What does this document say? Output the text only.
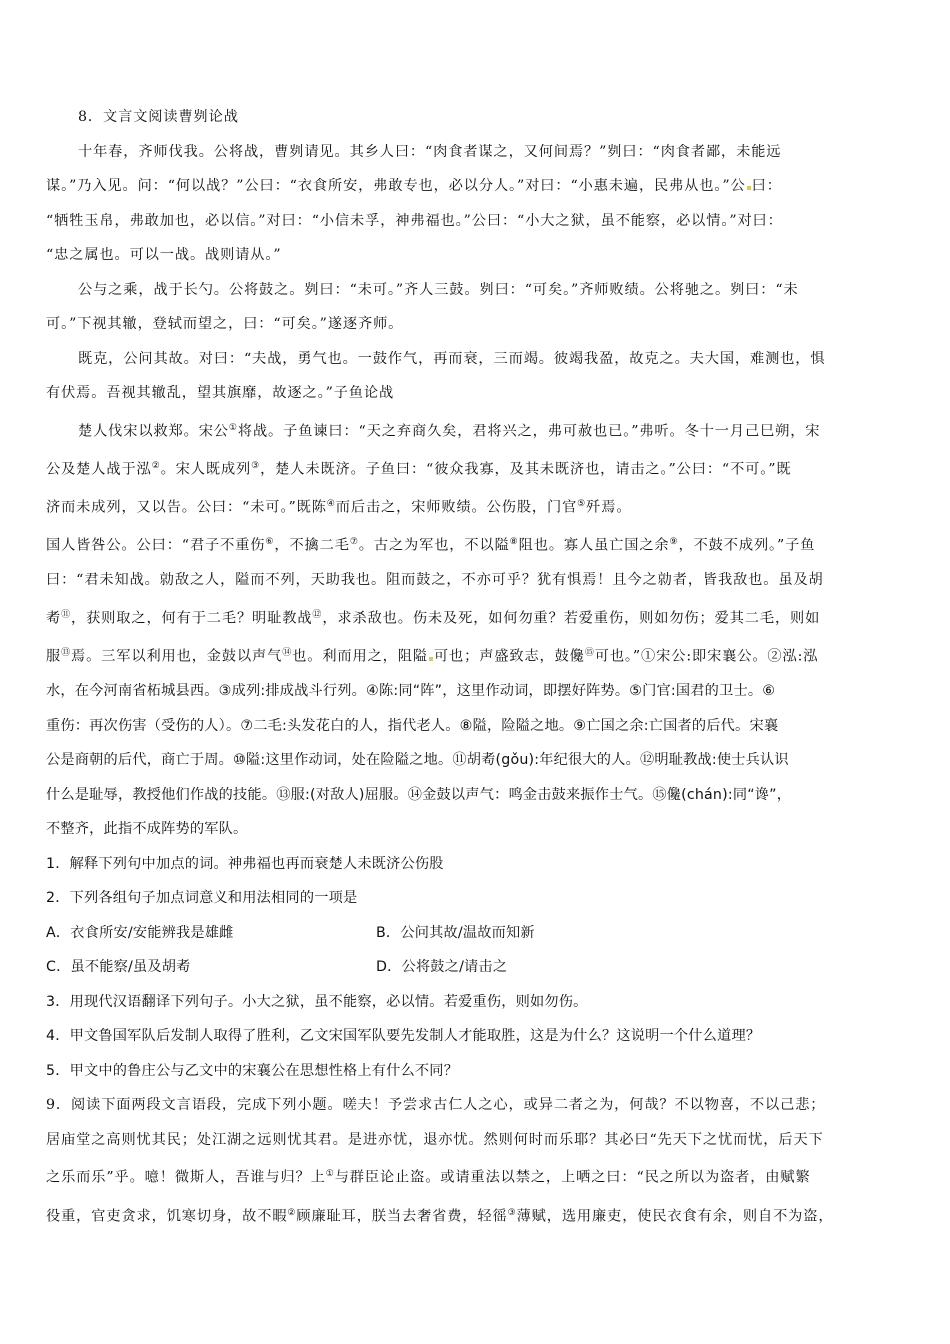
8．文言文阅读曹刿论战
十年春，齐师伐我。公将战，曹刿请见。其乡人曰：“肉食者谋之，又何间焉？”刿曰：“肉食者鄙，未能远
谋。”乃入见。问：“何以战？”公曰：“衣食所安，弗敢专也，必以分人。”对曰：“小惠未遍，民弗从也。”公 曰：
“牺牲玉帛，弗敢加也，必以信。”对曰：“小信未孚，神弗福也。”公曰：“小大之狱，虽不能察，必以情。”对曰：
“忠之属也。可以一战。战则请从。”
公与之乘，战于长勺。公将鼓之。刿曰：“未可。”齐人三鼓。刿曰：“可矣。”齐师败绩。公将驰之。刿曰：“未
可。”下视其辙，登轼而望之，曰：“可矣。”遂逐齐师。
既克，公问其故。对曰：“夫战，勇气也。一鼓作气，再而衰，三而竭。彼竭我盈，故克之。夫大国，难测也，惧
有伏焉。吾视其辙乱，望其旗靡，故逐之。”子鱼论战
楚人伐宋以救郑。宋公①将战。子鱼谏曰：“天之弃商久矣，君将兴之，弗可赦也已。”弗听。冬十一月己巳朔，宋
公及楚人战于泓②。宋人既成列③，楚人未既济。子鱼曰：“彼众我寡，及其未既济也，请击之。”公曰：“不可。”既
济而未成列，又以告。公曰：“未可。”既陈④而后击之，宋师败绩。公伤股，门官⑤歼焉。
国人皆咎公。公曰：“君子不重伤⑥，不擒二毛⑦。古之为军也，不以隘⑧阻也。寡人虽亡国之余⑨，不鼓不成列。”子鱼
曰：“君未知战。勍敌之人，隘而不列，天助我也。阻而鼓之，不亦可乎？犹有惧焉！且今之勍者，皆我敌也。虽及胡
耇⑪，获则取之，何有于二毛？明耻教战⑫，求杀敌也。伤未及死，如何勿重？若爱重伤，则如勿伤；爱其二毛，则如
服⑬焉。三军以利用也，金鼓以声气⑭也。利而用之，阻隘 可也；声盛致志，鼓儳⑮可也。”①宋公:即宋襄公。②泓:泓
水，在今河南省柘城县西。③成列:排成战斗行列。④陈:同“阵”，这里作动词，即摆好阵势。⑤门官:国君的卫士。⑥
重伤：再次伤害（受伤的人）。⑦二毛:头发花白的人，指代老人。⑧隘，险隘之地。⑨亡国之余:亡国者的后代。宋襄
公是商朝的后代，商亡于周。⑩隘:这里作动词，处在险隘之地。⑪胡耇(gǒu):年纪很大的人。⑫明耻教战:使士兵认识
什么是耻辱，教授他们作战的技能。⑬服:(对敌人)屈服。⑭金鼓以声气：鸣金击鼓来振作士气。⑮儳(chán):同“谗”，
不整齐，此指不成阵势的军队。
1．解释下列句中加点的词。神弗福也再而衰楚人未既济公伤股
2．下列各组句子加点词意义和用法相同的一项是
A．衣食所安/安能辨我是雄雌	B．公问其故/温故而知新
C．虽不能察/虽及胡耇	D．公将鼓之/请击之
3．用现代汉语翻译下列句子。小大之狱，虽不能察，必以情。若爱重伤，则如勿伤。
4．甲文鲁国军队后发制人取得了胜利，乙文宋国军队要先发制人才能取胜，这是为什么？这说明一个什么道理？
5．甲文中的鲁庄公与乙文中的宋襄公在思想性格上有什么不同？
9．阅读下面两段文言语段，完成下列小题。嗟夫！予尝求古仁人之心，或异二者之为，何哉？不以物喜，不以己悲；
居庙堂之高则忧其民；处江湖之远则忧其君。是进亦忧，退亦忧。然则何时而乐耶？其必曰“先天下之忧而忧，后天下
之乐而乐”乎。噫！微斯人，吾谁与归？上①与群臣论止盗。或请重法以禁之，上哂之曰：“民之所以为盗者，由赋繁
役重，官吏贪求，饥寒切身，故不暇②顾廉耻耳，朕当去奢省费，轻徭③薄赋，选用廉吏，使民衣食有余，则自不为盗，
